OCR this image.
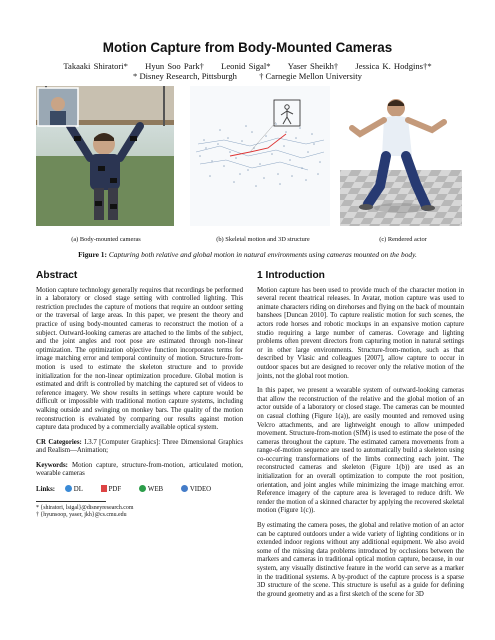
Motion Capture from Body-Mounted Cameras
Takaaki Shiratori* Hyun Soo Park† Leonid Sigal* Yaser Sheikh† Jessica K. Hodgins†*
* Disney Research, Pittsburgh	† Carnegie Mellon University
(a) Body-mounted cameras	(b) Skeletal motion and 3D structure	(c) Rendered actor
Figure 1: Capturing both relative and global motion in natural environments using cameras mounted on the body.
Abstract

Motion capture technology generally requires that recordings be performed in a laboratory or closed stage setting with controlled lighting. This restriction precludes the capture of motions that require an outdoor setting or the traversal of large areas. In this paper, we present the theory and practice of using body-mounted cameras to reconstruct the motion of a subject. Outward-looking cameras are attached to the limbs of the subject, and the joint angles and root pose are estimated through non-linear optimization. The optimization objective function incorporates terms for image matching error and temporal continuity of motion. Structure-from-motion is used to estimate the skeleton structure and to provide initialization for the non-linear optimization procedure. Global motion is estimated and drift is controlled by matching the captured set of videos to reference imagery. We show results in settings where capture would be difficult or impossible with traditional motion capture systems, including walking outside and swinging on monkey bars. The quality of the motion reconstruction is evaluated by comparing our results against motion capture data produced by a commercially available optical system.

CR Categories: I.3.7 [Computer Graphics]: Three Dimensional Graphics and Realism—Animation;

Keywords: Motion capture, structure-from-motion, articulated motion, wearable cameras

Links:	DL	PDF	WEB	VIDEO

* {shiratori, lsigal}@disneyresearch.com
† {hyunsoop, yaser, jkh}@cs.cmu.edu
1 Introduction

Motion capture has been used to provide much of the character motion in several recent theatrical releases. In Avatar, motion capture was used to animate characters riding on direhorses and flying on the back of mountain banshees [Duncan 2010]. To capture realistic motion for such scenes, the actors rode horses and robotic mockups in an expansive motion capture studio requiring a large number of cameras. Coverage and lighting problems often prevent directors from capturing motion in natural settings or in other large environments. Structure-from-motion, such as that described by Vlasic and colleagues [2007], allow capture to occur in outdoor spaces but are designed to recover only the relative motion of the joints, not the global root motion.

In this paper, we present a wearable system of outward-looking cameras that allow the reconstruction of the relative and the global motion of an actor outside of a laboratory or closed stage. The cameras can be mounted on casual clothing (Figure 1(a)), are easily mounted and removed using Velcro attachments, and are lightweight enough to allow unimpeded movement. Structure-from-motion (SfM) is used to estimate the pose of the cameras throughout the capture. The estimated camera movements from a range-of-motion sequence are used to automatically build a skeleton using co-occurring transformations of the limbs connecting each joint. The reconstructed cameras and skeleton (Figure 1(b)) are used as an initialization for an overall optimization to compute the root position, orientation, and joint angles while minimizing the image matching error. Reference imagery of the capture area is leveraged to reduce drift. We render the motion of a skinned character by applying the recovered skeletal motion (Figure 1(c)).

By estimating the camera poses, the global and relative motion of an actor can be captured outdoors under a wide variety of lighting conditions or in extended indoor regions without any additional equipment. We also avoid some of the missing data problems introduced by occlusions between the markers and cameras in traditional optical motion capture, because, in our system, any visually distinctive feature in the world can serve as a marker in the traditional systems. A by-product of the capture process is a sparse 3D structure of the scene. This structure is useful as a guide for defining the ground geometry and as a first sketch of the scene for 3D
